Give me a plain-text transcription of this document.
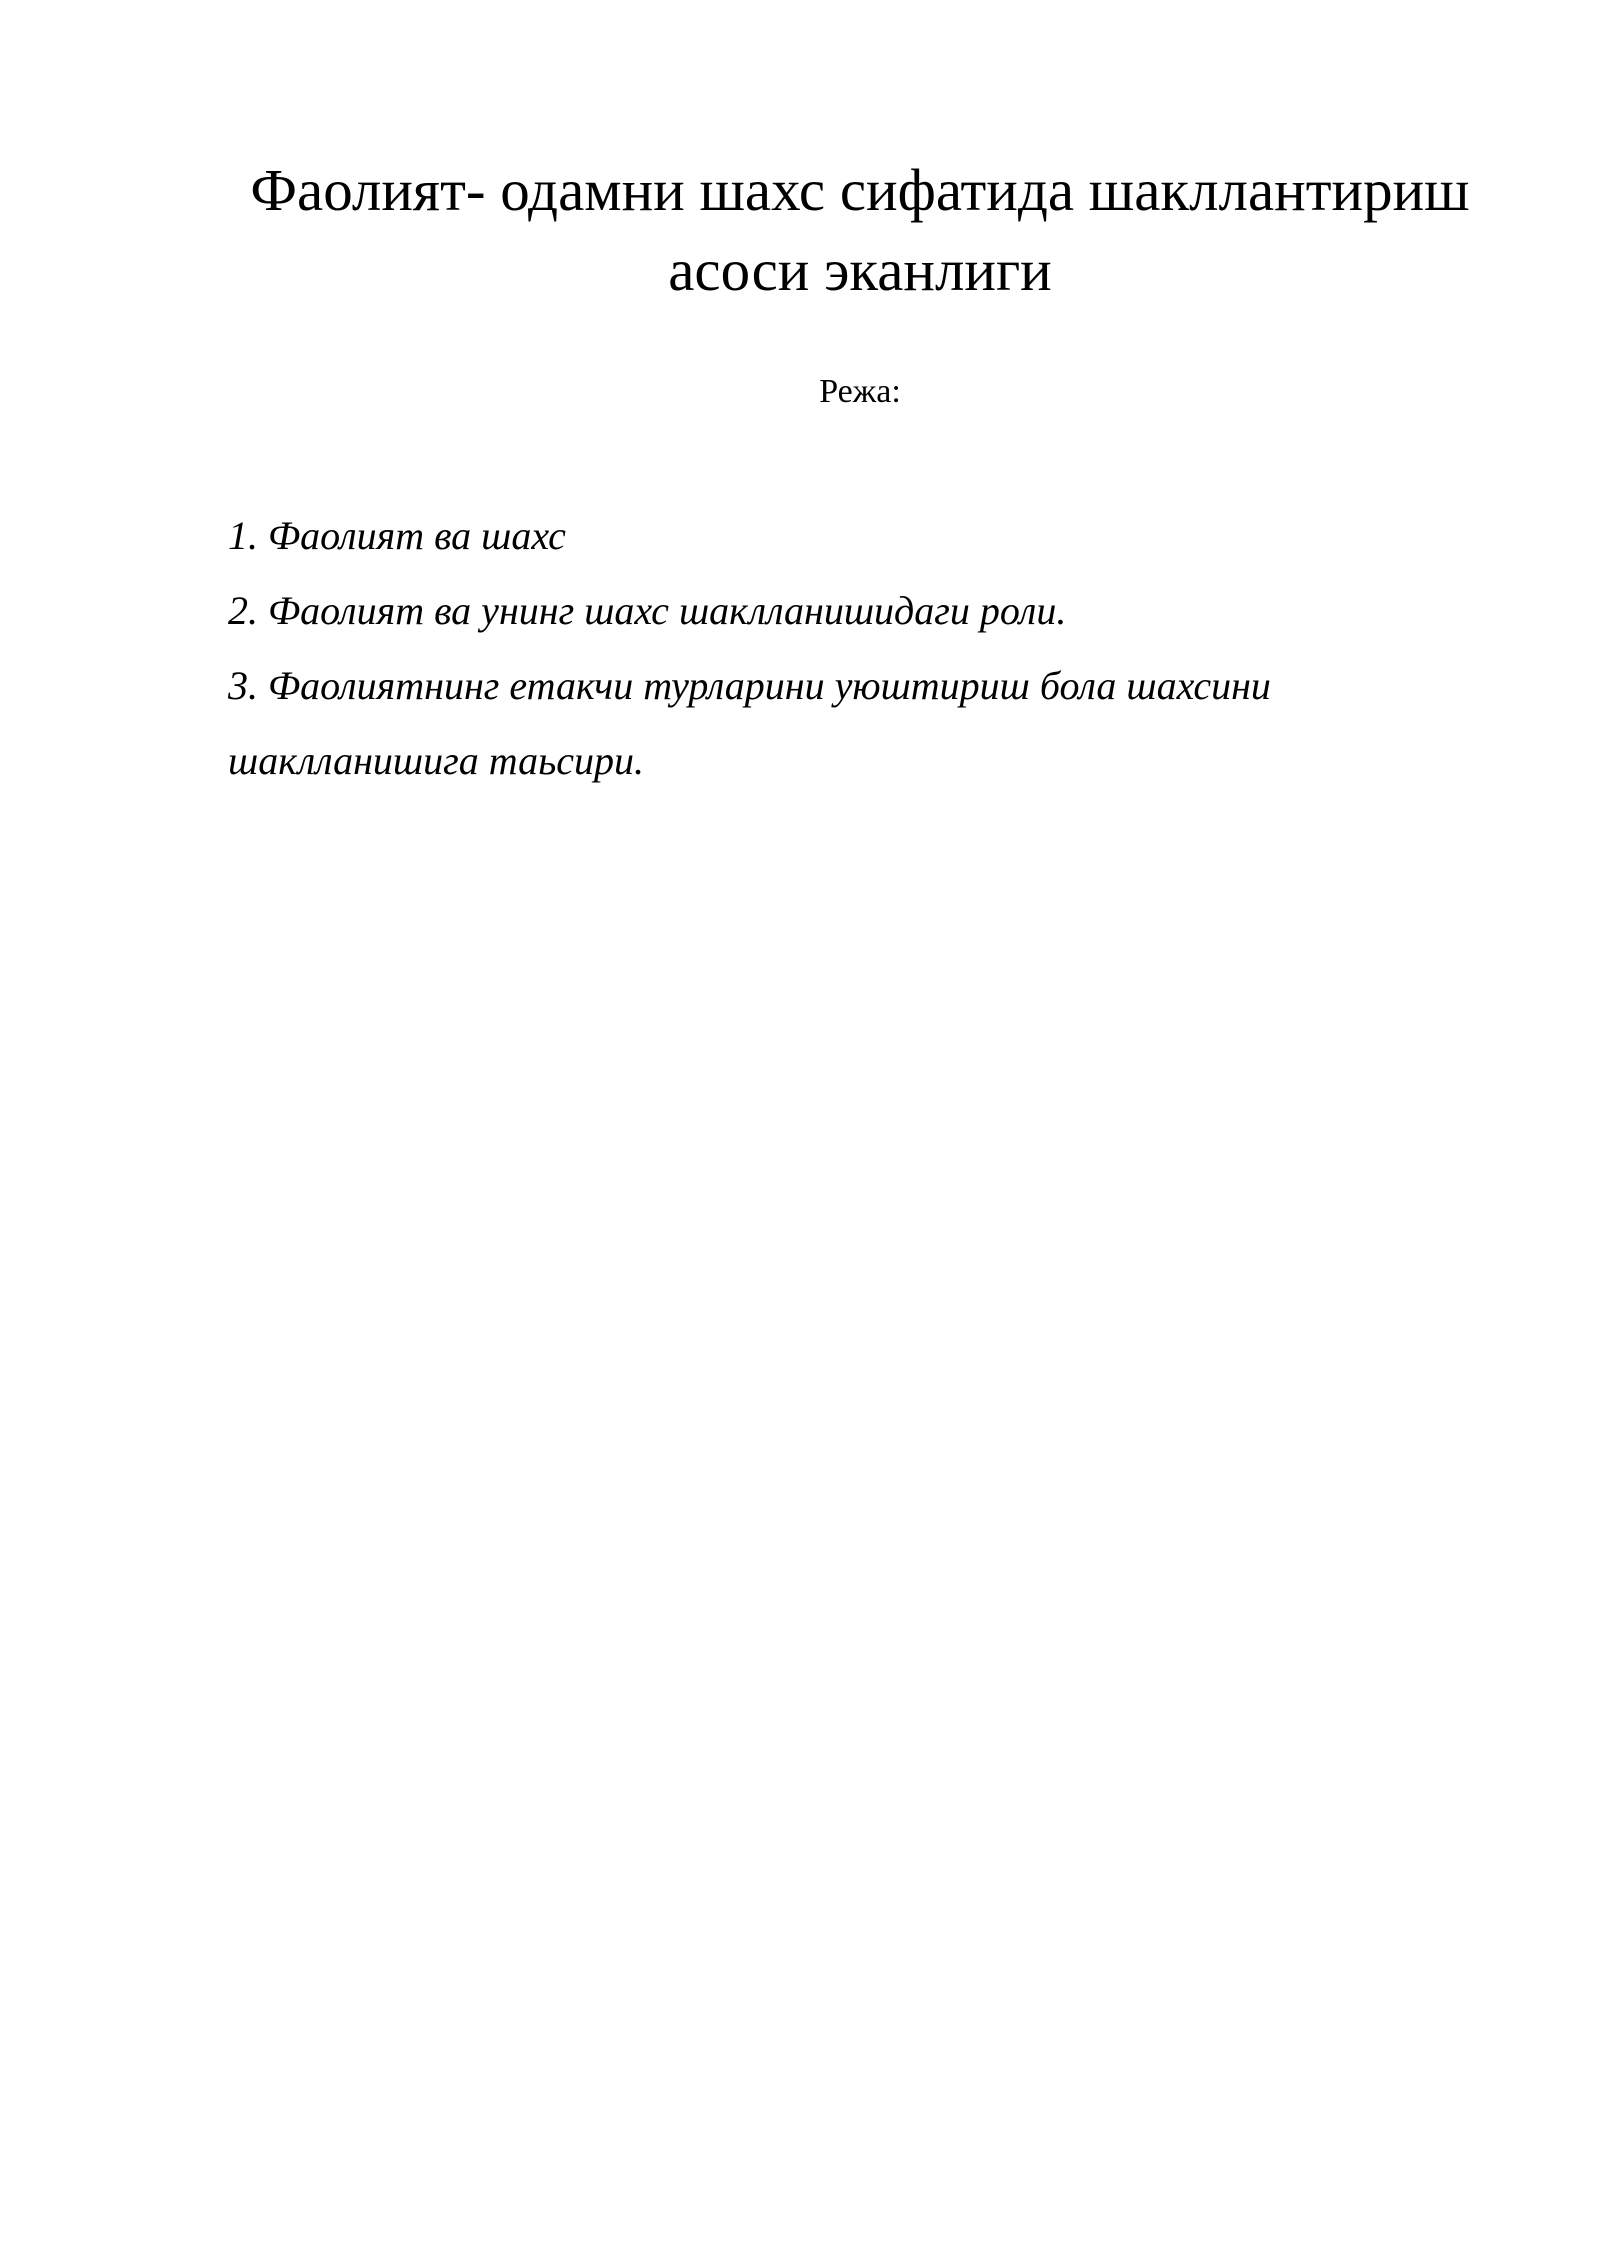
Фаолият- одамни шахс сифатида шакллантириш
асоси эканлиги
Режа:
1. Фаолият ва шахс
2. Фаолият ва унинг шахс шаклланишидаги роли.
3. Фаолиятнинг етакчи турларини уюштириш бола шахсини
шаклланишига таьсири.
